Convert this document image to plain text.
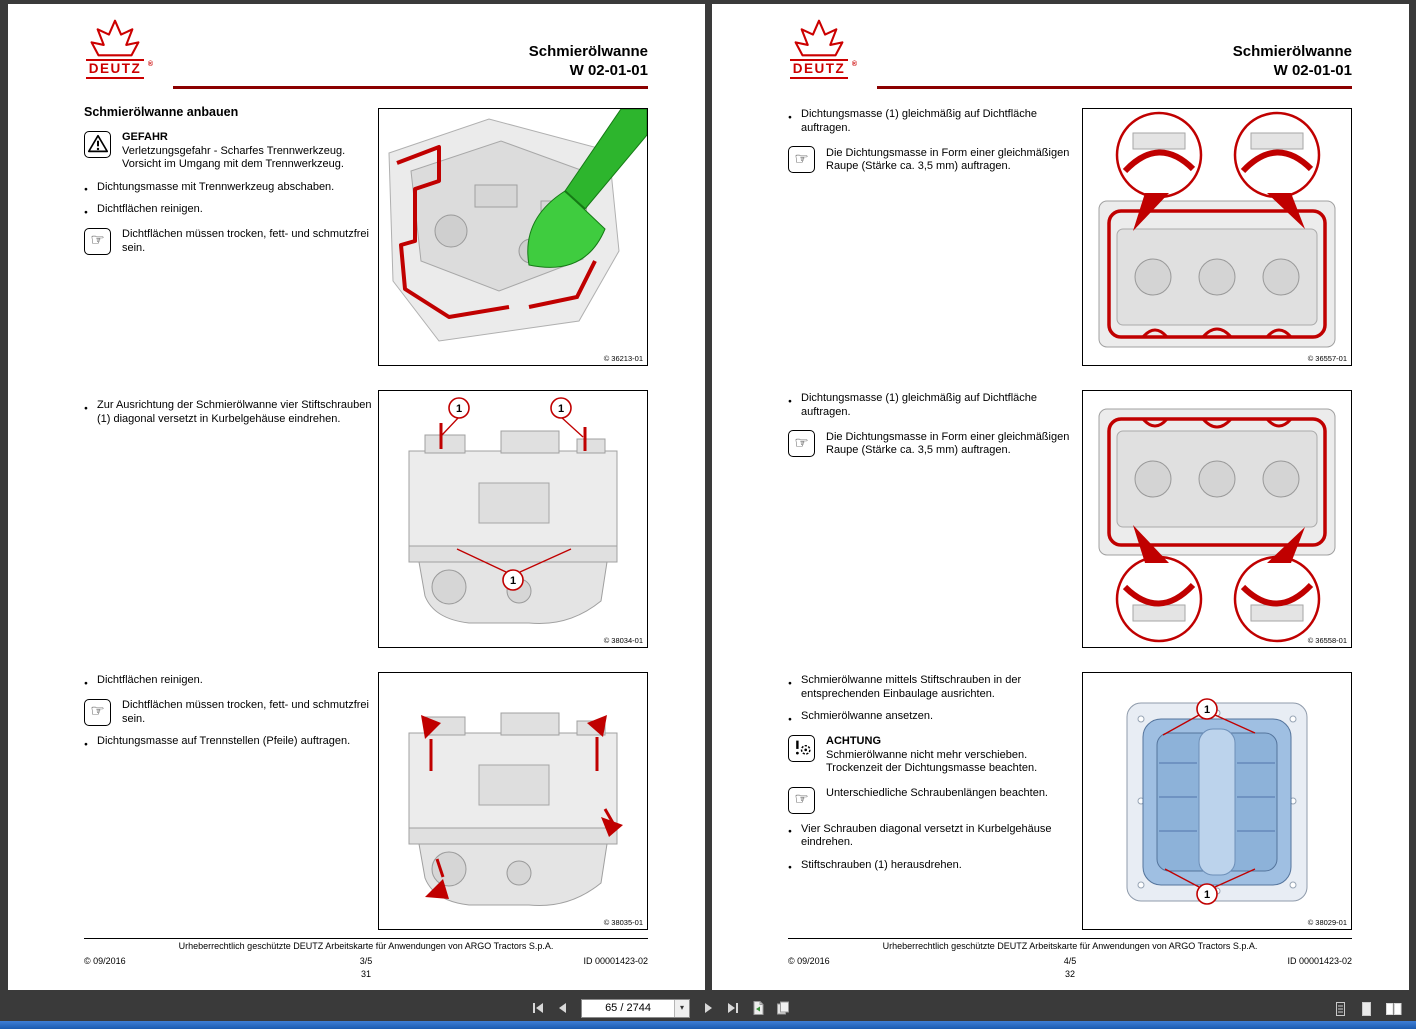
DEUTZ ®
Schmierölwanne
W 02-01-01
Schmierölwanne anbauen
GEFAHR
Verletzungsgefahr - Scharfes Trennwerkzeug. Vorsicht im Umgang mit dem Trennwerkzeug.
● Dichtungsmasse mit Trennwerkzeug abschaben.
● Dichtflächen reinigen.
☞ Dichtflächen müssen trocken, fett- und schmutzfrei sein.
© 36213-01
● Zur Ausrichtung der Schmierölwanne vier Stiftschrauben (1) diagonal versetzt in Kurbelgehäuse eindrehen.
1	1
1
© 38034-01
● Dichtflächen reinigen.
☞ Dichtflächen müssen trocken, fett- und schmutzfrei sein.
● Dichtungsmasse auf Trennstellen (Pfeile) auftragen.
© 38035-01
Urheberrechtlich geschützte DEUTZ Arbeitskarte für Anwendungen von ARGO Tractors S.p.A.
© 09/2016	3/5	ID 00001423-02
31
DEUTZ ®
Schmierölwanne
W 02-01-01
● Dichtungsmasse (1) gleichmäßig auf Dichtfläche auftragen.
☞ Die Dichtungsmasse in Form einer gleichmäßigen Raupe (Stärke ca. 3,5 mm) auftragen.
© 36557-01
● Dichtungsmasse (1) gleichmäßig auf Dichtfläche auftragen.
☞ Die Dichtungsmasse in Form einer gleichmäßigen Raupe (Stärke ca. 3,5 mm) auftragen.
© 36558-01
● Schmierölwanne mittels Stiftschrauben in der entsprechenden Einbaulage ausrichten.
● Schmierölwanne ansetzen.
ACHTUNG
Schmierölwanne nicht mehr verschieben. Trockenzeit der Dichtungsmasse beachten.
☞ Unterschiedliche Schraubenlängen beachten.
● Vier Schrauben diagonal versetzt in Kurbelgehäuse eindrehen.
● Stiftschrauben (1) herausdrehen.
1
1
© 38029-01
Urheberrechtlich geschützte DEUTZ Arbeitskarte für Anwendungen von ARGO Tractors S.p.A.
© 09/2016	4/5	ID 00001423-02
32
65 / 2744
▾
